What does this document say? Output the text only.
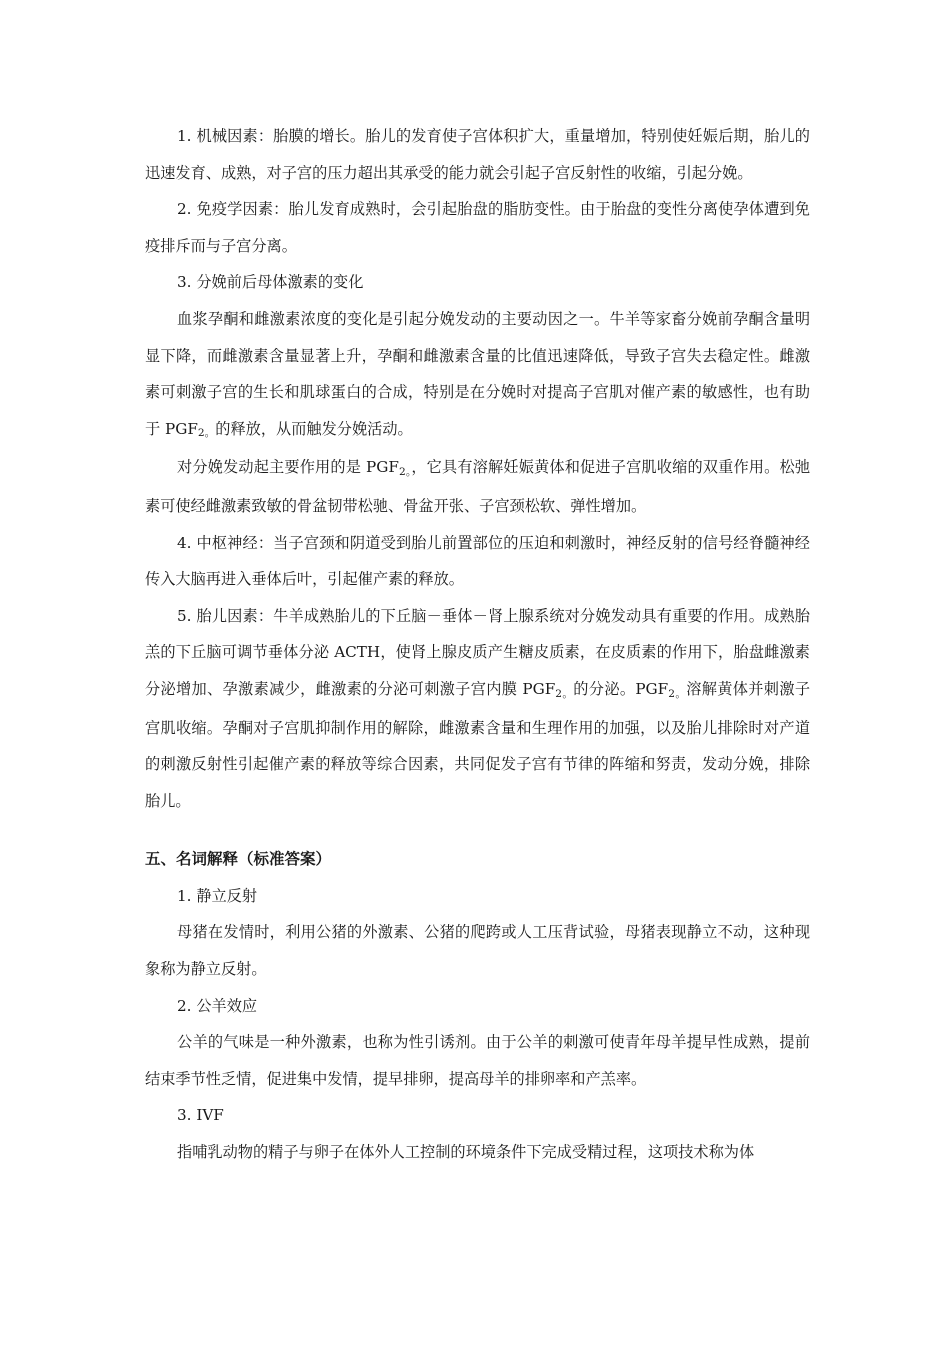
1. 机械因素：胎膜的增长。胎儿的发育使子宫体积扩大，重量增加，特别使妊娠后期，胎儿的迅速发育、成熟，对子宫的压力超出其承受的能力就会引起子宫反射性的收缩，引起分娩。

2. 免疫学因素：胎儿发育成熟时，会引起胎盘的脂肪变性。由于胎盘的变性分离使孕体遭到免疫排斥而与子宫分离。

3. 分娩前后母体激素的变化

血浆孕酮和雌激素浓度的变化是引起分娩发动的主要动因之一。牛羊等家畜分娩前孕酮含量明显下降，而雌激素含量显著上升，孕酮和雌激素含量的比值迅速降低，导致子宫失去稳定性。雌激素可刺激子宫的生长和肌球蛋白的合成，特别是在分娩时对提高子宫肌对催产素的敏感性，也有助于 PGF2。的释放，从而触发分娩活动。

对分娩发动起主要作用的是 PGF2。，它具有溶解妊娠黄体和促进子宫肌收缩的双重作用。松弛素可使经雌激素致敏的骨盆韧带松驰、骨盆开张、子宫颈松软、弹性增加。

4. 中枢神经：当子宫颈和阴道受到胎儿前置部位的压迫和刺激时，神经反射的信号经脊髓神经传入大脑再进入垂体后叶，引起催产素的释放。

5. 胎儿因素：牛羊成熟胎儿的下丘脑－垂体－肾上腺系统对分娩发动具有重要的作用。成熟胎羔的下丘脑可调节垂体分泌 ACTH，使肾上腺皮质产生糖皮质素，在皮质素的作用下，胎盘雌激素分泌增加、孕激素减少，雌激素的分泌可刺激子宫内膜 PGF2。的分泌。PGF2。溶解黄体并刺激子宫肌收缩。孕酮对子宫肌抑制作用的解除，雌激素含量和生理作用的加强，以及胎儿排除时对产道的刺激反射性引起催产素的释放等综合因素，共同促发子宫有节律的阵缩和努责，发动分娩，排除胎儿。

五、名词解释（标准答案）

1. 静立反射

母猪在发情时，利用公猪的外激素、公猪的爬跨或人工压背试验，母猪表现静立不动，这种现象称为静立反射。

2. 公羊效应

公羊的气味是一种外激素，也称为性引诱剂。由于公羊的刺激可使青年母羊提早性成熟，提前结束季节性乏情，促进集中发情，提早排卵，提高母羊的排卵率和产羔率。

3. IVF

指哺乳动物的精子与卵子在体外人工控制的环境条件下完成受精过程，这项技术称为体
